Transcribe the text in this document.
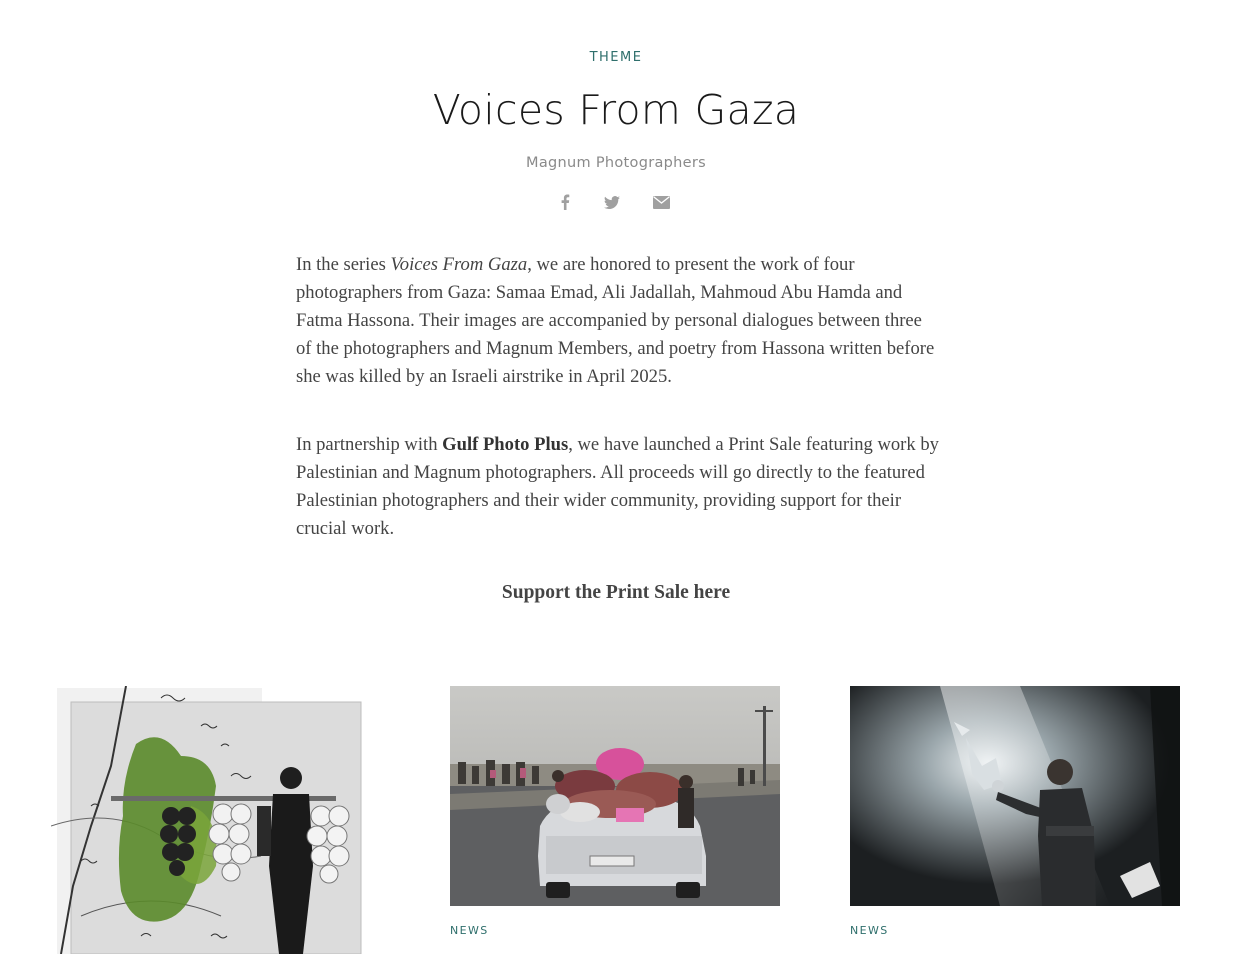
THEME
Voices From Gaza
Magnum Photographers

In the series Voices From Gaza, we are honored to present the work of four photographers from Gaza: Samaa Emad, Ali Jadallah, Mahmoud Abu Hamda and Fatma Hassona. Their images are accompanied by personal dialogues between three of the photographers and Magnum Members, and poetry from Hassona written before she was killed by an Israeli airstrike in April 2025.

In partnership with Gulf Photo Plus, we have launched a Print Sale featuring work by Palestinian and Magnum photographers. All proceeds will go directly to the featured Palestinian photographers and their wider community, providing support for their crucial work.

Support the Print Sale here
NEWS	NEWS
